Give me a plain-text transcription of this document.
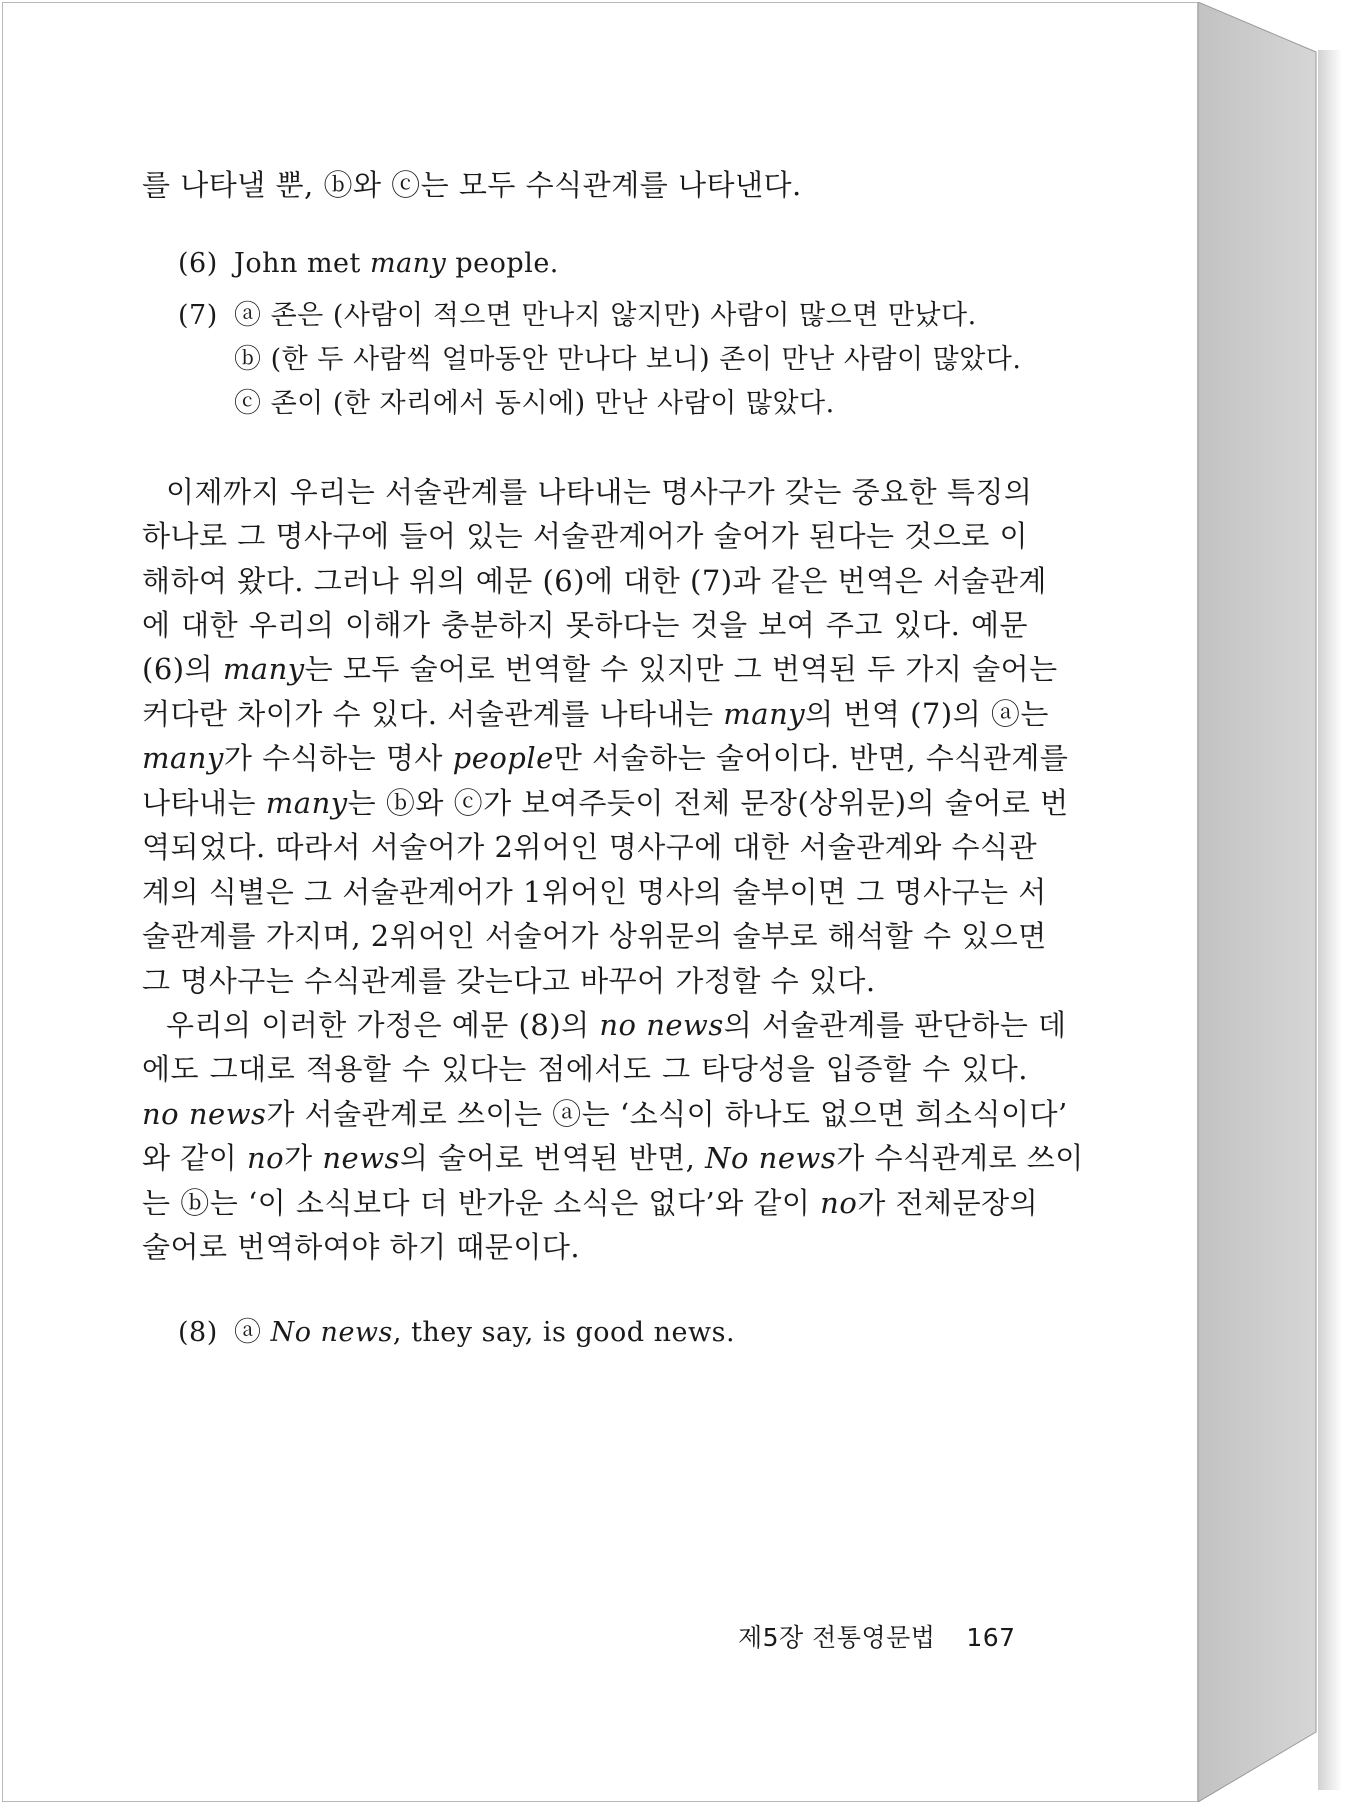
를 나타낼 뿐, ⓑ와 ⓒ는 모두 수식관계를 나타낸다.
(6) John met many people.
(7) ⓐ 존은 (사람이 적으면 만나지 않지만) 사람이 많으면 만났다.
ⓑ (한 두 사람씩 얼마동안 만나다 보니) 존이 만난 사람이 많았다.
ⓒ 존이 (한 자리에서 동시에) 만난 사람이 많았다.
이제까지 우리는 서술관계를 나타내는 명사구가 갖는 중요한 특징의
하나로 그 명사구에 들어 있는 서술관계어가 술어가 된다는 것으로 이
해하여 왔다. 그러나 위의 예문 (6)에 대한 (7)과 같은 번역은 서술관계
에 대한 우리의 이해가 충분하지 못하다는 것을 보여 주고 있다. 예문
(6)의 many는 모두 술어로 번역할 수 있지만 그 번역된 두 가지 술어는
커다란 차이가 수 있다. 서술관계를 나타내는 many의 번역 (7)의 ⓐ는
many가 수식하는 명사 people만 서술하는 술어이다. 반면, 수식관계를
나타내는 many는 ⓑ와 ⓒ가 보여주듯이 전체 문장(상위문)의 술어로 번
역되었다. 따라서 서술어가 2위어인 명사구에 대한 서술관계와 수식관
계의 식별은 그 서술관계어가 1위어인 명사의 술부이면 그 명사구는 서
술관계를 가지며, 2위어인 서술어가 상위문의 술부로 해석할 수 있으면
그 명사구는 수식관계를 갖는다고 바꾸어 가정할 수 있다.
우리의 이러한 가정은 예문 (8)의 no news의 서술관계를 판단하는 데
에도 그대로 적용할 수 있다는 점에서도 그 타당성을 입증할 수 있다.
no news가 서술관계로 쓰이는 ⓐ는 ‘소식이 하나도 없으면 희소식이다’
와 같이 no가 news의 술어로 번역된 반면, No news가 수식관계로 쓰이
는 ⓑ는 ‘이 소식보다 더 반가운 소식은 없다’와 같이 no가 전체문장의
술어로 번역하여야 하기 때문이다.
(8) ⓐ No news, they say, is good news.
제5장 전통영문법 167
